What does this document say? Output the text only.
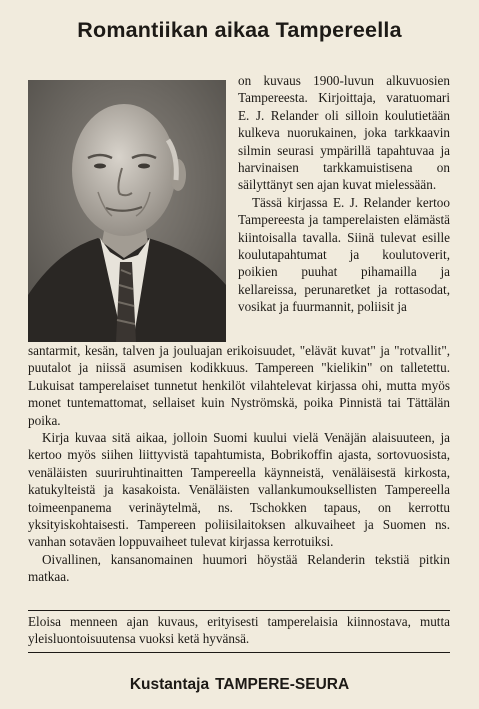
Romantiikan aikaa Tampereella

on kuvaus 1900-luvun alkuvuosien Tampereesta. Kirjoittaja, varatuomari E. J. Relander oli silloin koulutietään kulkeva nuorukainen, joka tarkkaavin silmin seurasi ympärillä tapahtuvaa ja harvinaisen tarkkamuistisena on säilyttänyt sen ajan kuvat mielessään.

Tässä kirjassa E. J. Relander kertoo Tampereesta ja tamperelaisten elämästä kiintoisalla tavalla. Siinä tulevat esille koulutapahtumat ja koulutoverit, poikien puuhat pihamailla ja kellareissa, perunaretket ja rottasodat, vosikat ja fuurmannit, poliisit ja

santarmit, kesän, talven ja jouluajan erikoisuudet, "elävät kuvat" ja "rotvallit", puutalot ja niissä asumisen kodikkuus. Tampereen "kielikin" on talletettu. Lukuisat tamperelaiset tunnetut henkilöt vilahtelevat kirjassa ohi, mutta myös monet tuntemattomat, sellaiset kuin Nyströmskä, poika Pinnistä tai Tättälän poika.

Kirja kuvaa sitä aikaa, jolloin Suomi kuului vielä Venäjän alaisuuteen, ja kertoo myös siihen liittyvistä tapahtumista, Bobrikoffin ajasta, sortovuosista, venäläisten suuriruhtinaitten Tampereella käynneistä, venäläisestä kirkosta, katukylteistä ja kasakoista. Venäläisten vallankumouksellisten Tampereella toimeenpanema verinäytelmä, ns. Tschokken tapaus, on kerrottu yksityiskohtaisesti. Tampereen poliisilaitoksen alkuvaiheet ja Suomen ns. vanhan sotaväen loppuvaiheet tulevat kirjassa kerrotuiksi.

Oivallinen, kansanomainen huumori höystää Relanderin tekstiä pitkin matkaa.

Eloisa menneen ajan kuvaus, erityisesti tamperelaisia kiinnostava, mutta yleisluontoisuutensa vuoksi ketä hyvänsä.
Kustantaja TAMPERE-SEURA
